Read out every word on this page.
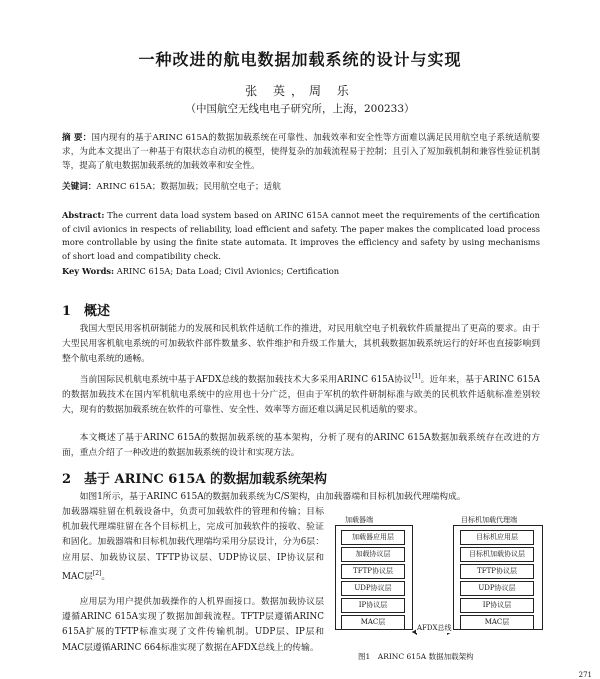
一种改进的航电数据加载系统的设计与实现
张 英，周 乐
（中国航空无线电电子研究所，上海，200233）
摘 要：国内现有的基于ARINC 615A的数据加载系统在可靠性、加载效率和安全性等方面难以满足民用航空电子系统适航要求，为此本文提出了一种基于有限状态自动机的模型，使得复杂的加载流程易于控制；且引入了短加载机制和兼容性验证机制等，提高了航电数据加载系统的加载效率和安全性。
关键词：ARINC 615A；数据加载；民用航空电子；适航
Abstract: The current data load system based on ARINC 615A cannot meet the requirements of the certification of civil avionics in respects of reliability, load efficient and safety. The paper makes the complicated load process more controllable by using the finite state automata. It improves the efficiency and safety by using mechanisms of short load and compatibility check.
Key Words: ARINC 615A; Data Load; Civil Avionics; Certification
1 概述
我国大型民用客机研制能力的发展和民机软件适航工作的推进，对民用航空电子机载软件质量提出了更高的要求。由于大型民用客机航电系统的可加载软件部件数量多、软件维护和升级工作量大，其机载数据加载系统运行的好坏也直接影响到整个航电系统的通畅。
当前国际民机航电系统中基于AFDX总线的数据加载技术大多采用ARINC 615A协议[1]。近年来，基于ARINC 615A的数据加载技术在国内军机航电系统中的应用也十分广泛，但由于军机的软件研制标准与欧美的民机软件适航标准差别较大，现有的数据加载系统在软件的可靠性、安全性、效率等方面还难以满足民机适航的要求。
本文概述了基于ARINC 615A的数据加载系统的基本架构，分析了现有的ARINC 615A数据加载系统存在改进的方面，重点介绍了一种改进的数据加载系统的设计和实现方法。
2 基于 ARINC 615A 的数据加载系统架构
如图1所示，基于ARINC 615A的数据加载系统为C/S架构，由加载器端和目标机加载代理端构成。
加载器端驻留在机载设备中，负责可加载软件的管理和传输；目标机加载代理端驻留在各个目标机上，完成可加载软件的接收、验证和固化。加载器端和目标机加载代理端均采用分层设计，分为6层：应用层、加载协议层、TFTP协议层、UDP协议层、IP协议层和MAC层[2]。
应用层为用户提供加载操作的人机界面接口。数据加载协议层遵循ARINC 615A实现了数据加卸载流程。TFTP层遵循ARINC 615A扩展的TFTP标准实现了文件传输机制。UDP层、IP层和MAC层遵循ARINC 664标准实现了数据在AFDX总线上的传输。
加载器端	目标机加载代理端
加载器应用层
加载协议层
TFTP协议层
UDP协议层
IP协议层
MAC层
目标机应用层
目标机加载协议层
TFTP协议层
UDP协议层
IP协议层
MAC层
AFDX总线
图1　ARINC 615A 数据加载架构
271
